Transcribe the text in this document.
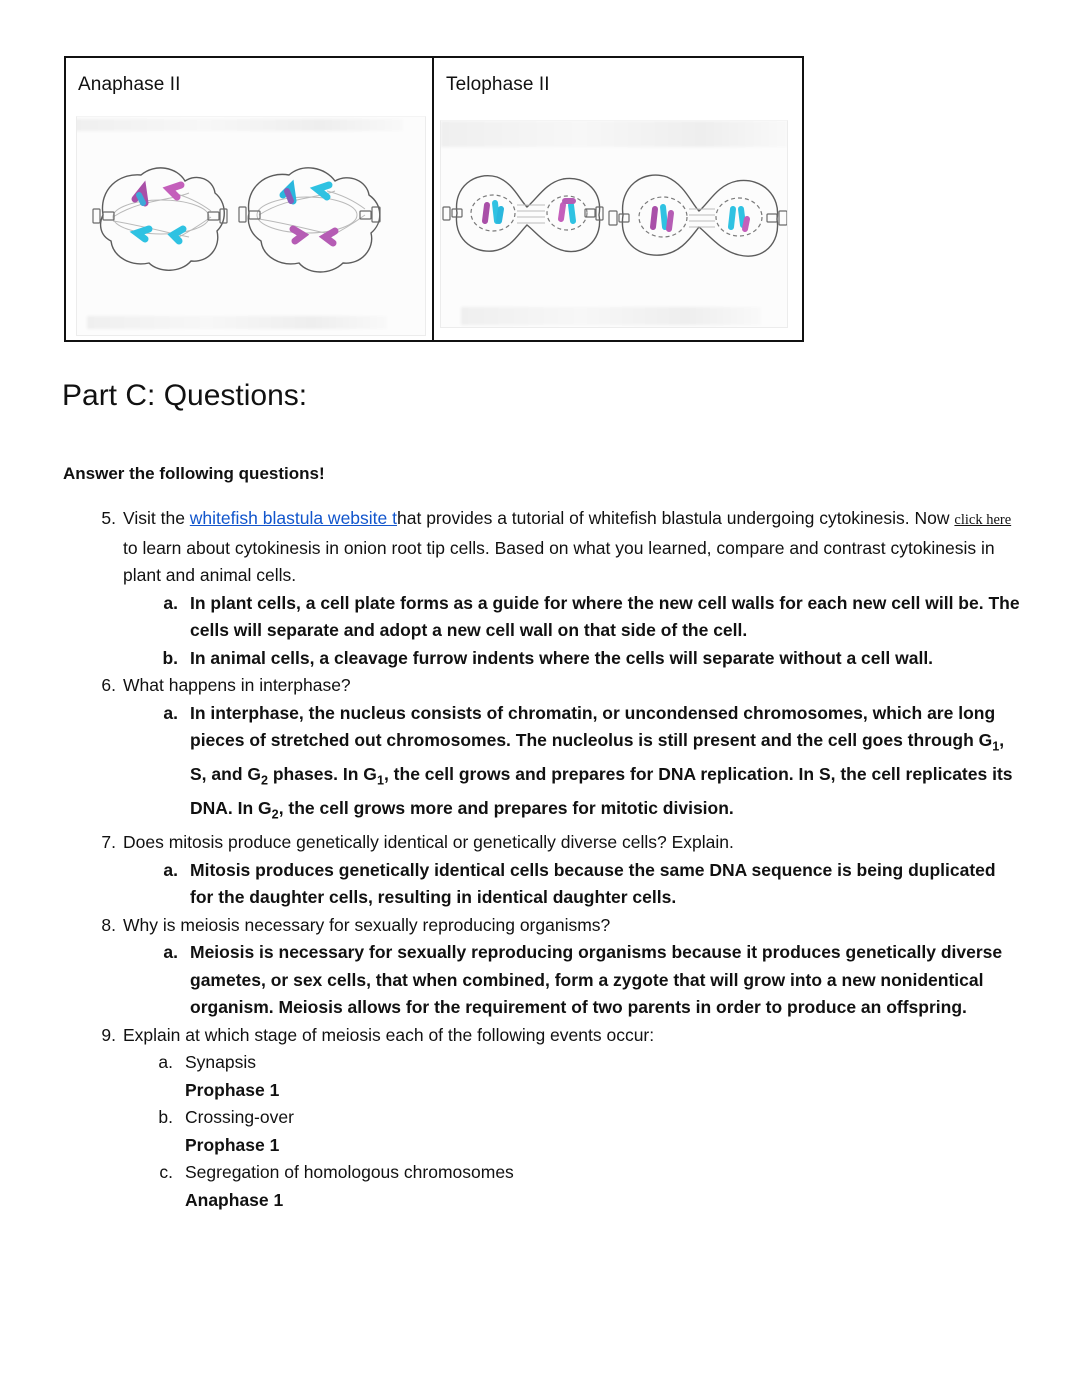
Anaphase II	Telophase II
Part C: Questions:
Answer the following questions!
5. Visit the whitefish blastula website that provides a tutorial of whitefish blastula undergoing cytokinesis. Now click here to learn about cytokinesis in onion root tip cells. Based on what you learned, compare and contrast cytokinesis in plant and animal cells.
a. In plant cells, a cell plate forms as a guide for where the new cell walls for each new cell will be. The cells will separate and adopt a new cell wall on that side of the cell.
b. In animal cells, a cleavage furrow indents where the cells will separate without a cell wall.
6. What happens in interphase?
a. In interphase, the nucleus consists of chromatin, or uncondensed chromosomes, which are long pieces of stretched out chromosomes. The nucleolus is still present and the cell goes through $G_1$, S, and $G_2$ phases. In $G_1$, the cell grows and prepares for DNA replication. In S, the cell replicates its DNA. In $G_2$, the cell grows more and prepares for mitotic division.
7. Does mitosis produce genetically identical or genetically diverse cells? Explain.
a. Mitosis produces genetically identical cells because the same DNA sequence is being duplicated for the daughter cells, resulting in identical daughter cells.
8. Why is meiosis necessary for sexually reproducing organisms?
a. Meiosis is necessary for sexually reproducing organisms because it produces genetically diverse gametes, or sex cells, that when combined, form a zygote that will grow into a new nonidentical organism. Meiosis allows for the requirement of two parents in order to produce an offspring.
9. Explain at which stage of meiosis each of the following events occur:
a. Synapsis
Prophase 1
b. Crossing-over
Prophase 1
c. Segregation of homologous chromosomes
Anaphase 1
